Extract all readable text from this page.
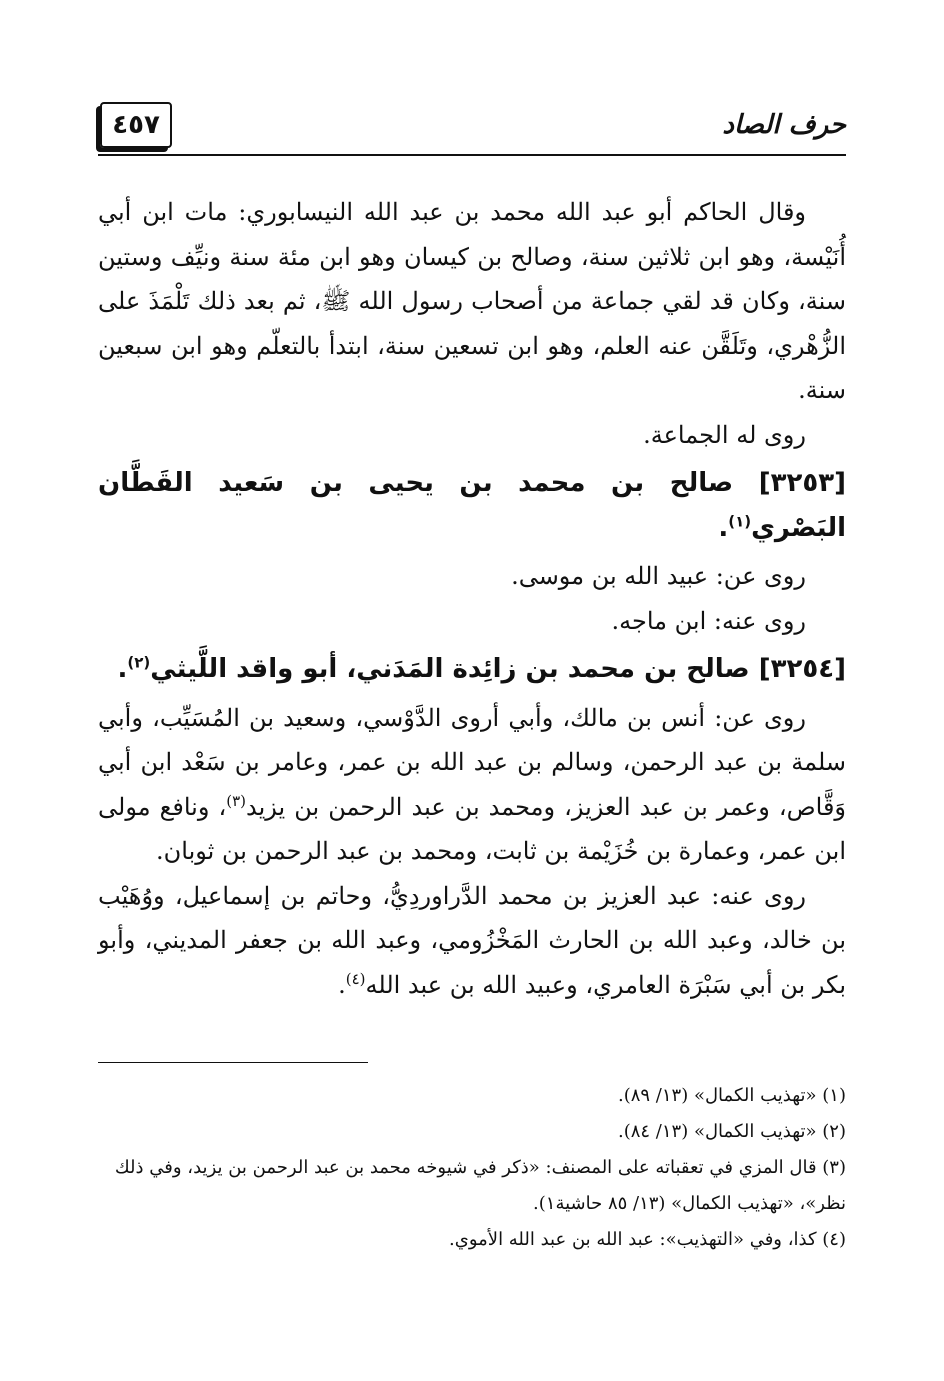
٤٥٧	حرف الصاد

وقال الحاكم أبو عبد الله محمد بن عبد الله النيسابوري: مات ابن أبي أُنَيْسة، وهو ابن ثلاثين سنة، وصالح بن كيسان وهو ابن مئة سنة ونيِّف وستين سنة، وكان قد لقي جماعة من أصحاب رسول الله ﷺ، ثم بعد ذلك تَلْمَذَ على الزُّهْري، وتَلَقَّن عنه العلم، وهو ابن تسعين سنة، ابتدأ بالتعلّم وهو ابن سبعين سنة.

روى له الجماعة.

[٣٢٥٣] صالح بن محمد بن يحيى بن سَعيد القَطَّان البَصْري$^{(١)}$.

روى عن: عبيد الله بن موسى.

روى عنه: ابن ماجه.

[٣٢٥٤] صالح بن محمد بن زائِدة المَدَني، أبو واقد اللَّيثي$^{(٢)}$.

روى عن: أنس بن مالك، وأبي أروى الدَّوْسي، وسعيد بن المُسَيِّب، وأبي سلمة بن عبد الرحمن، وسالم بن عبد الله بن عمر، وعامر بن سَعْد ابن أبي وَقَّاص، وعمر بن عبد العزيز، ومحمد بن عبد الرحمن بن يزيد$^{(٣)}$، ونافع مولى ابن عمر، وعمارة بن خُزَيْمة بن ثابت، ومحمد بن عبد الرحمن بن ثوبان.

روى عنه: عبد العزيز بن محمد الدَّراوردِيُّ، وحاتم بن إسماعيل، ووُهَيْب بن خالد، وعبد الله بن الحارث المَخْزُومي، وعبد الله بن جعفر المديني، وأبو بكر بن أبي سَبْرَة العامري، وعبيد الله بن عبد الله$^{(٤)}$.

(١) «تهذيب الكمال» (١٣/ ٨٩).

(٢) «تهذيب الكمال» (١٣/ ٨٤).

(٣) قال المزي في تعقباته على المصنف: «ذكر في شيوخه محمد بن عبد الرحمن بن يزيد، وفي ذلك نظر»، «تهذيب الكمال» (١٣/ ٨٥ حاشية١).

(٤) كذا، وفي «التهذيب»: عبد الله بن عبد الله الأموي.
